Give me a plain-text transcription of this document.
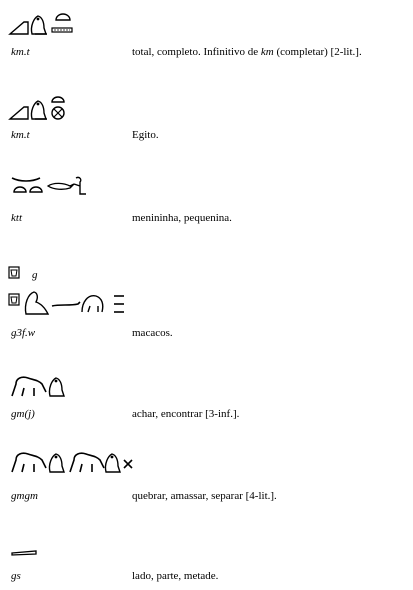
km.t	total, completo. Infinitivo de km (completar) [2-lit.].
km.t	Egito.
ktt	menininha, pequenina.
g
g3f.w	macacos.
gm(j)	achar, encontrar [3-inf.].
gmgm	quebrar, amassar, separar [4-lit.].
gs	lado, parte, metade.
